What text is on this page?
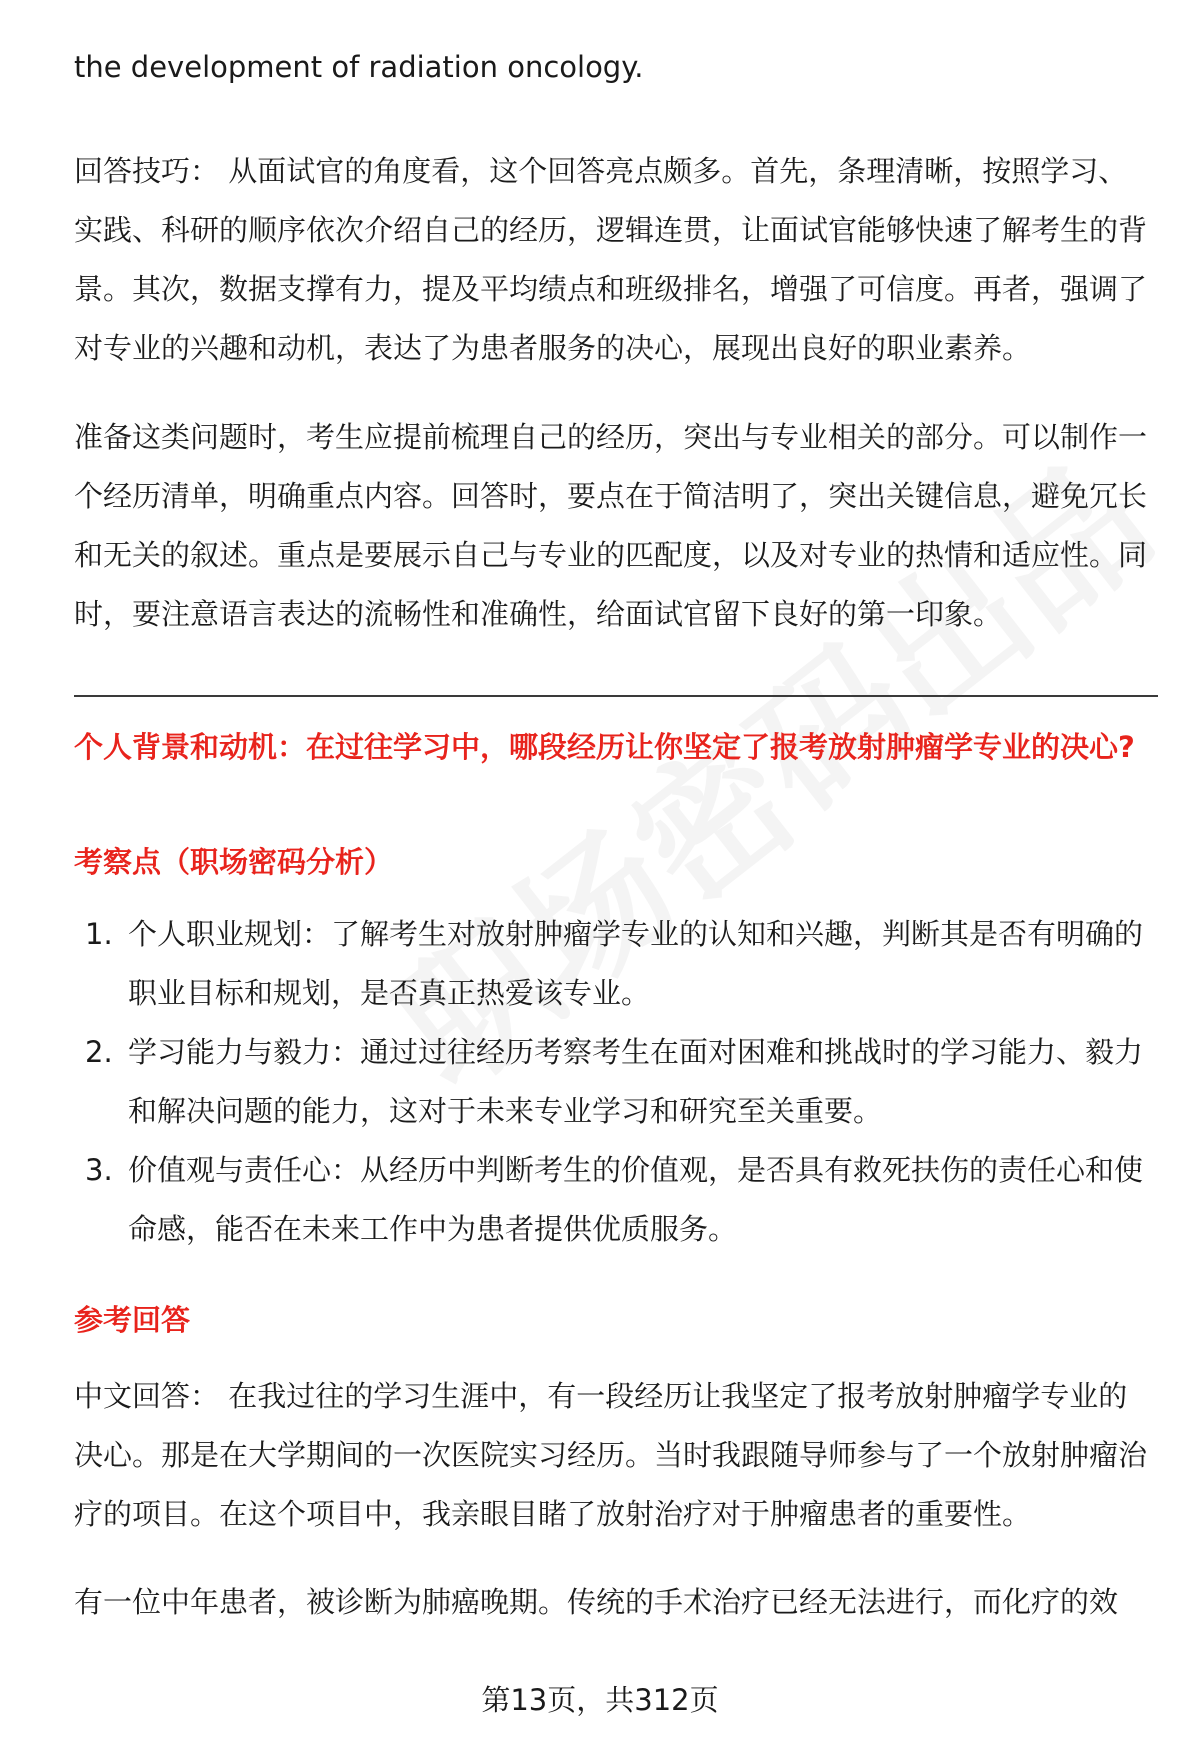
the development of radiation oncology.

回答技巧： 从面试官的角度看，这个回答亮点颇多。首先，条理清晰，按照学习、实践、科研的顺序依次介绍自己的经历，逻辑连贯，让面试官能够快速了解考生的背景。其次，数据支撑有力，提及平均绩点和班级排名，增强了可信度。再者，强调了对专业的兴趣和动机，表达了为患者服务的决心，展现出良好的职业素养。

准备这类问题时，考生应提前梳理自己的经历，突出与专业相关的部分。可以制作一个经历清单，明确重点内容。回答时，要点在于简洁明了，突出关键信息，避免冗长和无关的叙述。重点是要展示自己与专业的匹配度，以及对专业的热情和适应性。同时，要注意语言表达的流畅性和准确性，给面试官留下良好的第一印象。

个人背景和动机：在过往学习中，哪段经历让你坚定了报考放射肿瘤学专业的决心?

考察点（职场密码分析）

1. 个人职业规划：了解考生对放射肿瘤学专业的认知和兴趣，判断其是否有明确的职业目标和规划，是否真正热爱该专业。
2. 学习能力与毅力：通过过往经历考察考生在面对困难和挑战时的学习能力、毅力和解决问题的能力，这对于未来专业学习和研究至关重要。
3. 价值观与责任心：从经历中判断考生的价值观，是否具有救死扶伤的责任心和使命感，能否在未来工作中为患者提供优质服务。

参考回答

中文回答： 在我过往的学习生涯中，有一段经历让我坚定了报考放射肿瘤学专业的决心。那是在大学期间的一次医院实习经历。当时我跟随导师参与了一个放射肿瘤治疗的项目。在这个项目中，我亲眼目睹了放射治疗对于肿瘤患者的重要性。

有一位中年患者，被诊断为肺癌晚期。传统的手术治疗已经无法进行，而化疗的效

第13页，共312页
